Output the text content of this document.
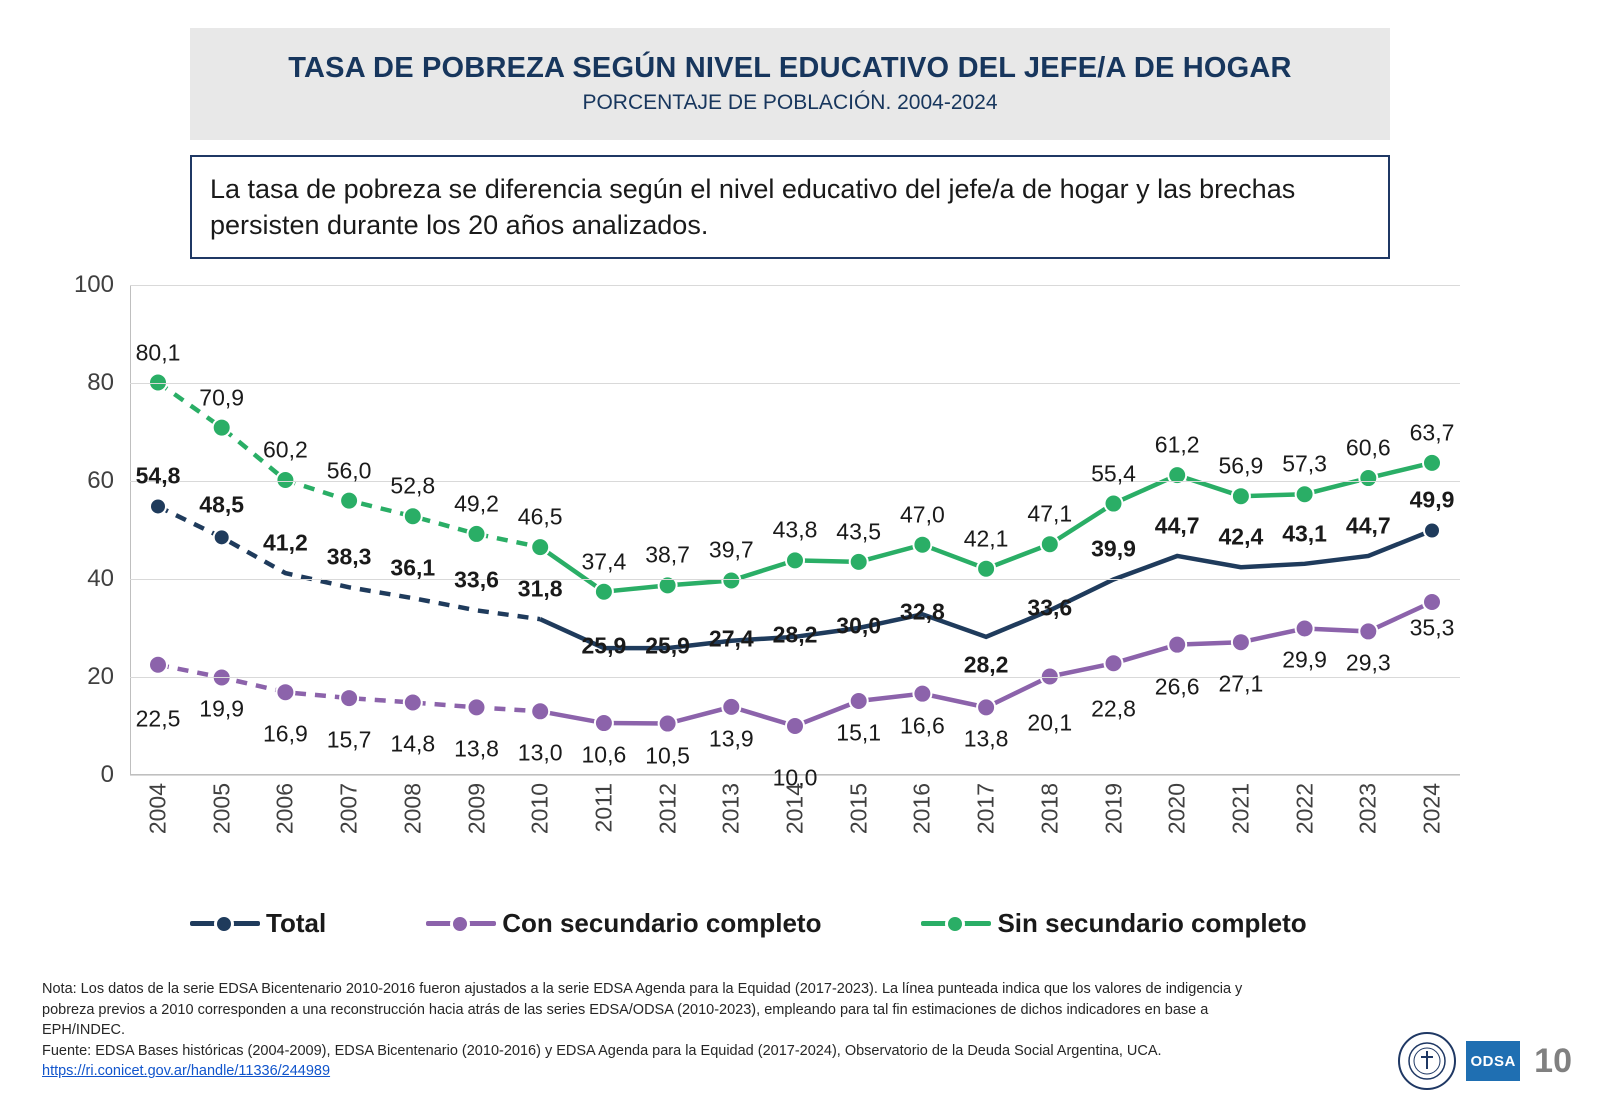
TASA DE POBREZA SEGÚN NIVEL EDUCATIVO DEL JEFE/A DE HOGAR
PORCENTAJE DE POBLACIÓN. 2004-2024
La tasa de pobreza se diferencia según el nivel educativo del jefe/a de hogar y las brechas persisten durante los 20 años analizados.
0
20
40
60
80
100
54,8
48,5
41,2
38,3 36,1 33,6 31,8
25,9 25,9 27,4 28,2 30,0
32,8
28,2
33,6
39,9
44,7 42,4 43,1 44,7
49,9
22,5 19,9
16,9 15,7 14,8 13,8 13,0 10,6 10,5
13,9
10,0
15,1 16,6
13,8
20,1
22,8
26,6 27,1
29,9 29,3
35,3
80,1
70,9
60,2
56,0
52,8
49,2
46,5
37,4 38,7 39,7
43,8 43,5
47,0
42,1
47,1
55,4
61,2
56,9 57,3
60,6
63,7
2004 2005 2006 2007 2008 2009 2010 2011 2012 2013 2014 2015 2016 2017 2018 2019 2020 2021 2022 2023 2024
Total	Con secundario completo	Sin secundario completo

Nota: Los datos de la serie EDSA Bicentenario 2010-2016 fueron ajustados a la serie EDSA Agenda para la Equidad (2017-2023). La línea punteada indica que los valores de indigencia y

pobreza previos a 2010 corresponden a una reconstrucción hacia atrás de las series EDSA/ODSA (2010-2023), empleando para tal fin estimaciones de dichos indicadores en base a

EPH/INDEC.

Fuente: EDSA Bases históricas (2004-2009), EDSA Bicentenario (2010-2016) y EDSA Agenda para la Equidad (2017-2024), Observatorio de la Deuda Social Argentina, UCA.

https://ri.conicet.gov.ar/handle/11336/244989
ODSA 10
